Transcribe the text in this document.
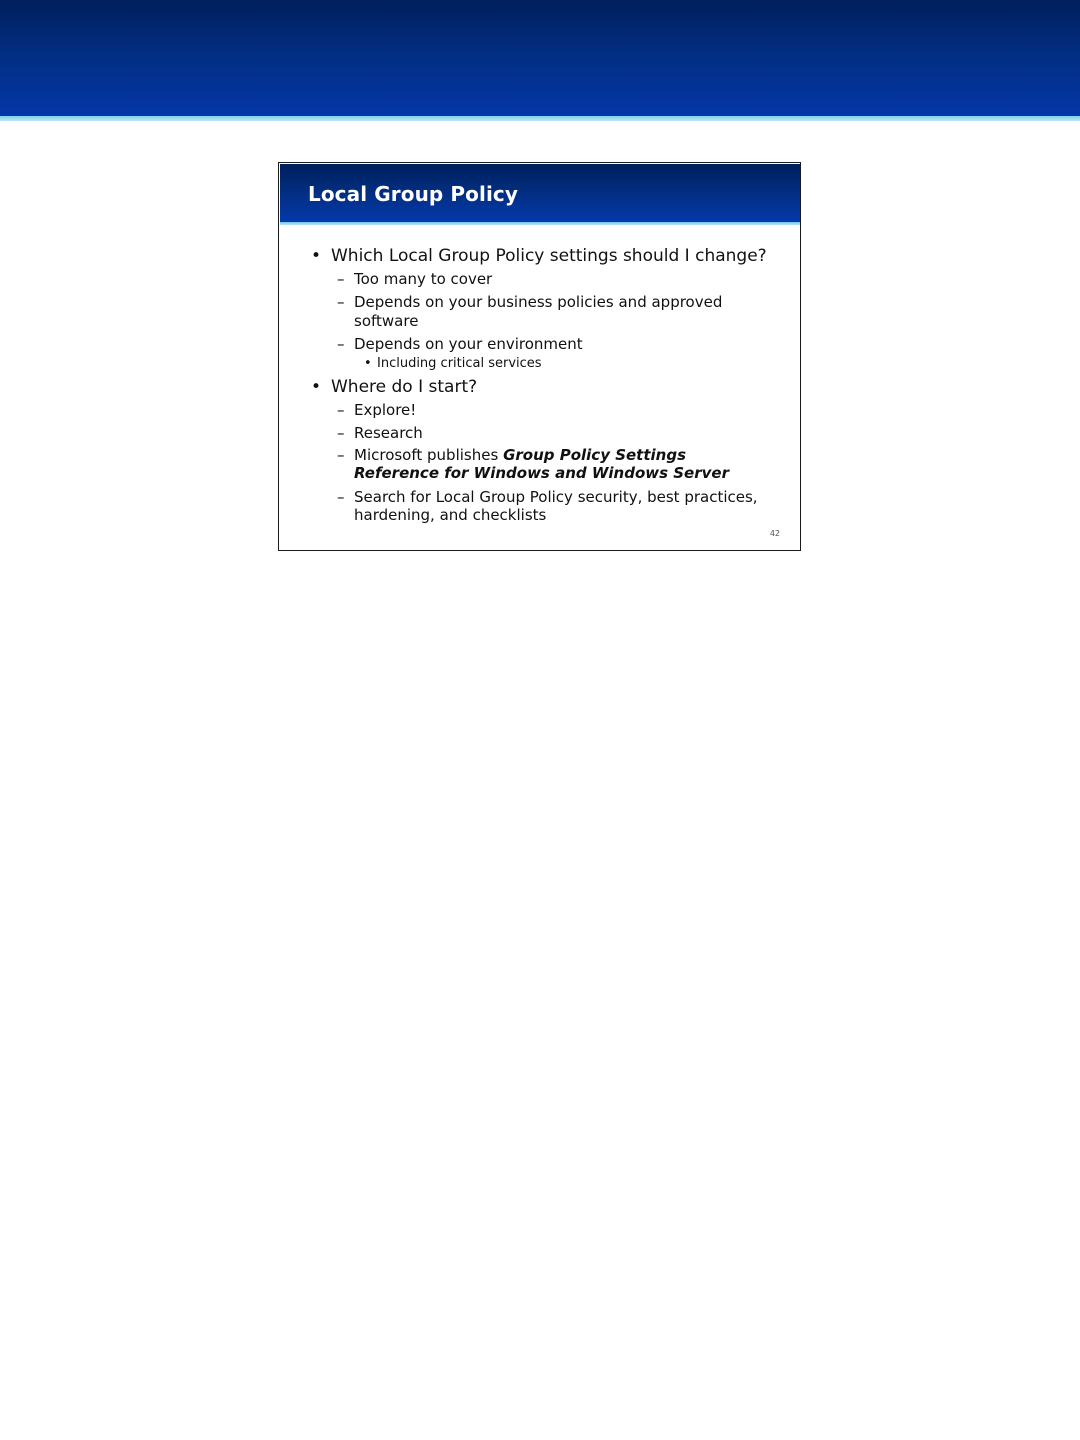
Local Group Policy
• Which Local Group Policy settings should I change?
– Too many to cover
– Depends on your business policies and approved
software
– Depends on your environment
• Including critical services
• Where do I start?
– Explore!
– Research
– Microsoft publishes Group Policy Settings
Reference for Windows and Windows Server
– Search for Local Group Policy security, best practices,
hardening, and checklists
42
